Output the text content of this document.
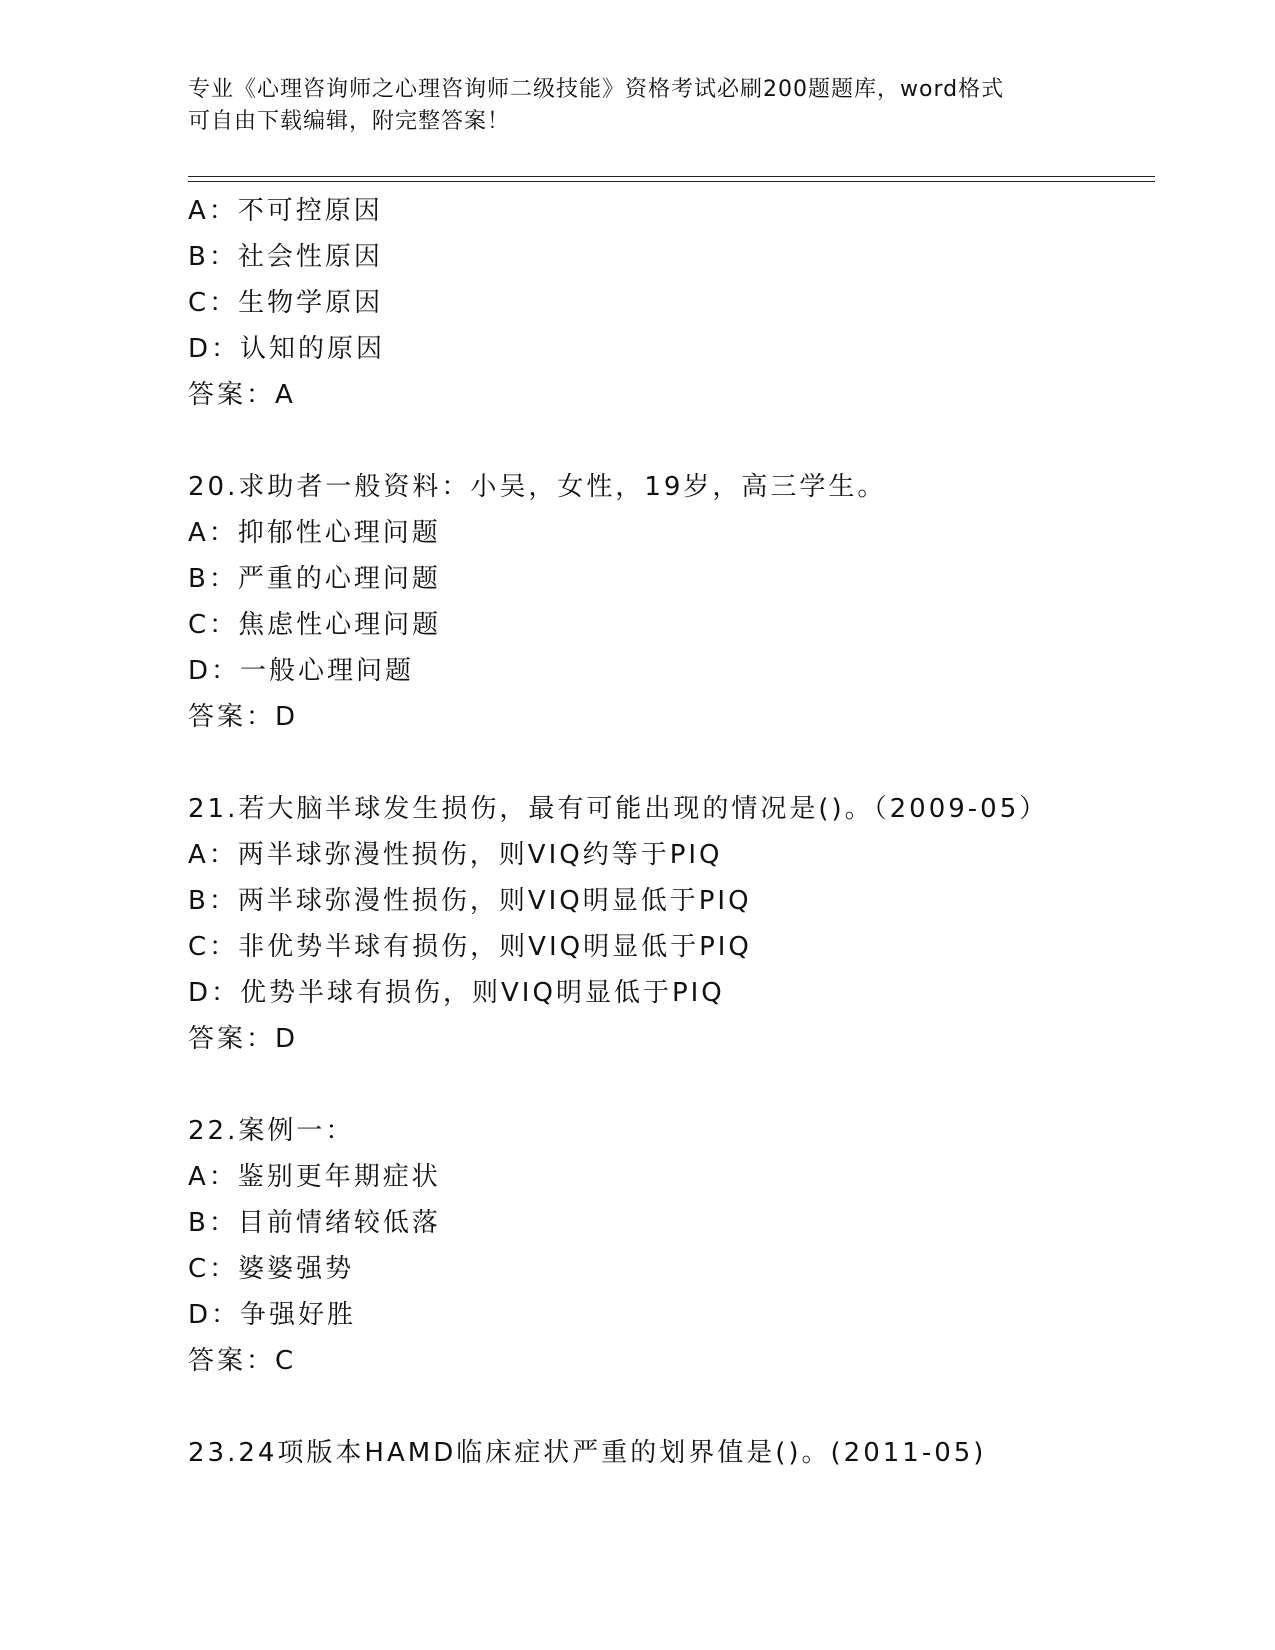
专业《心理咨询师之心理咨询师二级技能》资格考试必刷200题题库，word格式
可自由下载编辑，附完整答案！
A：不可控原因
B：社会性原因
C：生物学原因
D：认知的原因
答案：A
20.求助者一般资料：小吴，女性，19岁，高三学生。
A：抑郁性心理问题
B：严重的心理问题
C：焦虑性心理问题
D：一般心理问题
答案：D
21.若大脑半球发生损伤，最有可能出现的情况是()。（2009-05）
A：两半球弥漫性损伤，则VIQ约等于PIQ
B：两半球弥漫性损伤，则VIQ明显低于PIQ
C：非优势半球有损伤，则VIQ明显低于PIQ
D：优势半球有损伤，则VIQ明显低于PIQ
答案：D
22.案例一：
A：鉴别更年期症状
B：目前情绪较低落
C：婆婆强势
D：争强好胜
答案：C
23.24项版本HAMD临床症状严重的划界值是()。(2011-05)
